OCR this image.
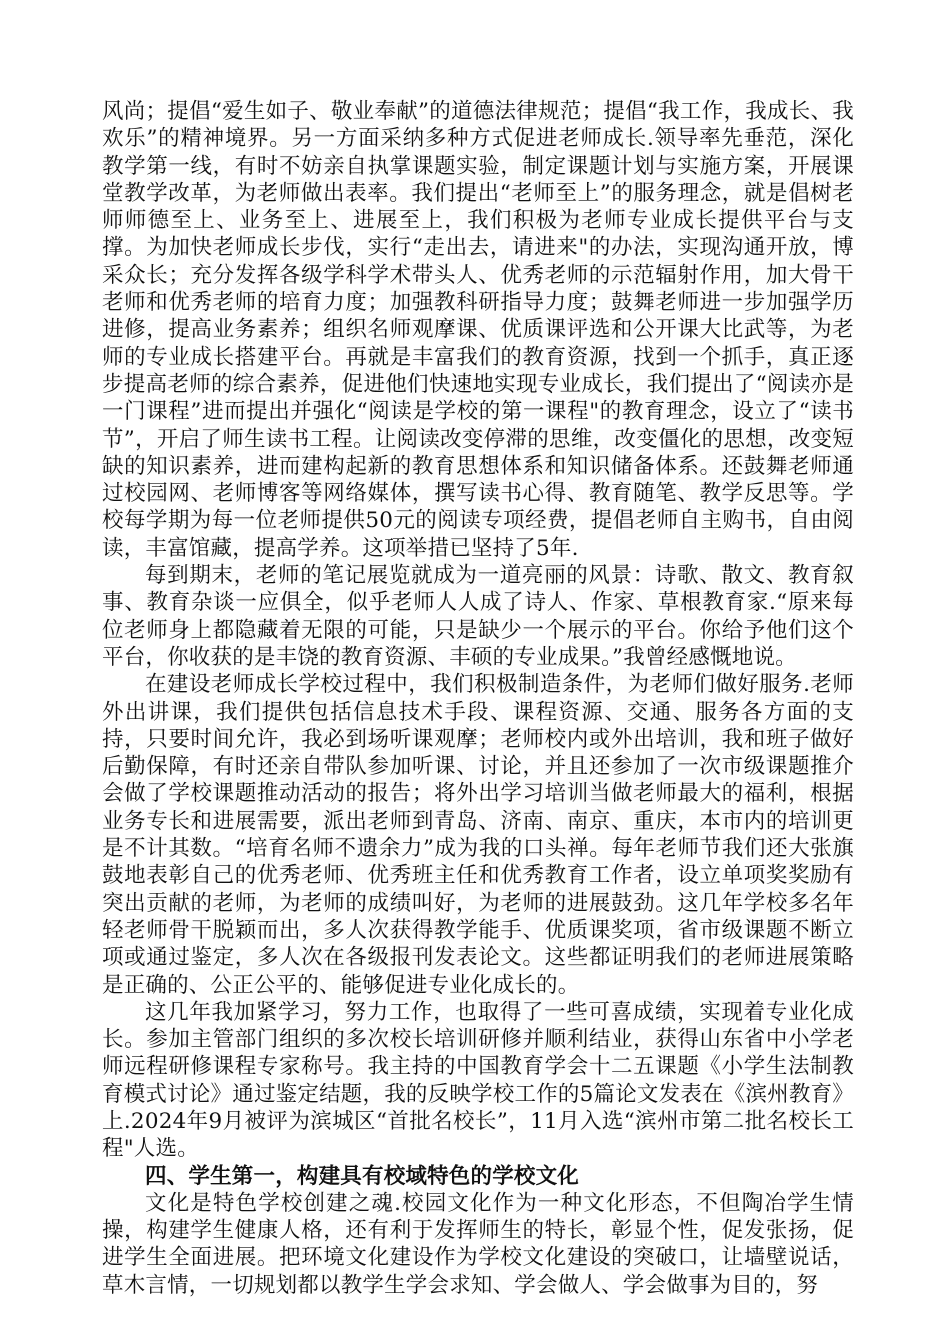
风尚；提倡“爱生如子、敬业奉献”的道德法律规范；提倡“我工作，我成长、我欢乐”的精神境界。另一方面采纳多种方式促进老师成长.领导率先垂范，深化教学第一线，有时不妨亲自执掌课题实验，制定课题计划与实施方案，开展课堂教学改革，为老师做出表率。我们提出“老师至上”的服务理念，就是倡树老师师德至上、业务至上、进展至上，我们积极为老师专业成长提供平台与支撑。为加快老师成长步伐，实行“走出去，请进来"的办法，实现沟通开放，博采众长；充分发挥各级学科学术带头人、优秀老师的示范辐射作用，加大骨干老师和优秀老师的培育力度；加强教科研指导力度；鼓舞老师进一步加强学历进修，提高业务素养；组织名师观摩课、优质课评选和公开课大比武等，为老师的专业成长搭建平台。再就是丰富我们的教育资源，找到一个抓手，真正逐步提高老师的综合素养，促进他们快速地实现专业成长，我们提出了“阅读亦是一门课程”进而提出并强化“阅读是学校的第一课程"的教育理念，设立了“读书节”，开启了师生读书工程。让阅读改变停滞的思维，改变僵化的思想，改变短缺的知识素养，进而建构起新的教育思想体系和知识储备体系。还鼓舞老师通过校园网、老师博客等网络媒体，撰写读书心得、教育随笔、教学反思等。学校每学期为每一位老师提供50元的阅读专项经费，提倡老师自主购书，自由阅读，丰富馆藏，提高学养。这项举措已坚持了5年.

每到期末，老师的笔记展览就成为一道亮丽的风景：诗歌、散文、教育叙事、教育杂谈一应俱全，似乎老师人人成了诗人、作家、草根教育家.“原来每位老师身上都隐藏着无限的可能，只是缺少一个展示的平台。你给予他们这个平台，你收获的是丰饶的教育资源、丰硕的专业成果。”我曾经感慨地说。

在建设老师成长学校过程中，我们积极制造条件，为老师们做好服务.老师外出讲课，我们提供包括信息技术手段、课程资源、交通、服务各方面的支持，只要时间允许，我必到场听课观摩；老师校内或外出培训，我和班子做好后勤保障，有时还亲自带队参加听课、讨论，并且还参加了一次市级课题推介会做了学校课题推动活动的报告；将外出学习培训当做老师最大的福利，根据业务专长和进展需要，派出老师到青岛、济南、南京、重庆，本市内的培训更是不计其数。“培育名师不遗余力”成为我的口头禅。每年老师节我们还大张旗鼓地表彰自己的优秀老师、优秀班主任和优秀教育工作者，设立单项奖奖励有突出贡献的老师，为老师的成绩叫好，为老师的进展鼓劲。这几年学校多名年轻老师骨干脱颖而出，多人次获得教学能手、优质课奖项，省市级课题不断立项或通过鉴定，多人次在各级报刊发表论文。这些都证明我们的老师进展策略是正确的、公正公平的、能够促进专业化成长的。

这几年我加紧学习，努力工作，也取得了一些可喜成绩，实现着专业化成长。参加主管部门组织的多次校长培训研修并顺利结业，获得山东省中小学老师远程研修课程专家称号。我主持的中国教育学会十二五课题《小学生法制教育模式讨论》通过鉴定结题，我的反映学校工作的5篇论文发表在《滨州教育》上.2024年9月被评为滨城区“首批名校长”，11月入选“滨州市第二批名校长工程"人选。

四、学生第一，构建具有校域特色的学校文化

文化是特色学校创建之魂.校园文化作为一种文化形态，不但陶冶学生情操，构建学生健康人格，还有利于发挥师生的特长，彰显个性，促发张扬，促进学生全面进展。把环境文化建设作为学校文化建设的突破口，让墙壁说话，草木言情，一切规划都以教学生学会求知、学会做人、学会做事为目的，努
